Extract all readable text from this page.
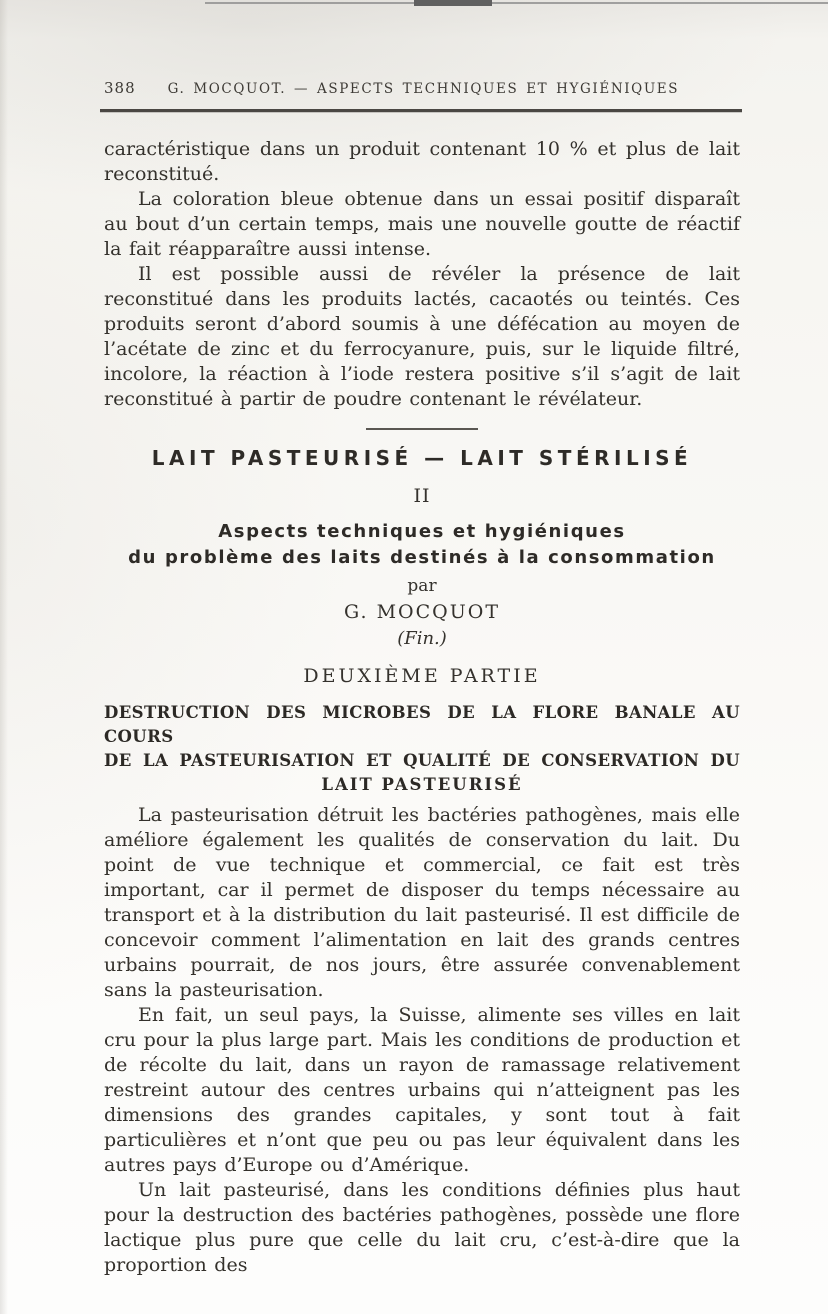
388 G. MOCQUOT. — ASPECTS TECHNIQUES ET HYGIÉNIQUES

caractéristique dans un produit contenant 10 % et plus de lait reconstitué.

La coloration bleue obtenue dans un essai positif disparaît au bout d’un certain temps, mais une nouvelle goutte de réactif la fait réapparaître aussi intense.

Il est possible aussi de révéler la présence de lait reconstitué dans les produits lactés, cacaotés ou teintés. Ces produits seront d’abord soumis à une défécation au moyen de l’acétate de zinc et du ferrocyanure, puis, sur le liquide filtré, incolore, la réaction à l’iode restera positive s’il s’agit de lait reconstitué à partir de poudre contenant le révélateur.

LAIT PASTEURISÉ — LAIT STÉRILISÉ
II
Aspects techniques et hygiéniques
du problème des laits destinés à la consommation
par
G. MOCQUOT
(Fin.)
DEUXIÈME PARTIE
DESTRUCTION DES MICROBES DE LA FLORE BANALE AU COURS
DE LA PASTEURISATION ET QUALITÉ DE CONSERVATION DU
LAIT PASTEURISÉ

La pasteurisation détruit les bactéries pathogènes, mais elle améliore également les qualités de conservation du lait. Du point de vue technique et commercial, ce fait est très important, car il permet de disposer du temps nécessaire au transport et à la distribution du lait pasteurisé. Il est difficile de concevoir comment l’alimentation en lait des grands centres urbains pourrait, de nos jours, être assurée convenablement sans la pasteurisation.

En fait, un seul pays, la Suisse, alimente ses villes en lait cru pour la plus large part. Mais les conditions de production et de récolte du lait, dans un rayon de ramassage relativement restreint autour des centres urbains qui n’atteignent pas les dimensions des grandes capitales, y sont tout à fait particulières et n’ont que peu ou pas leur équivalent dans les autres pays d’Europe ou d’Amérique.

Un lait pasteurisé, dans les conditions définies plus haut pour la destruction des bactéries pathogènes, possède une flore lactique plus pure que celle du lait cru, c’est-à-dire que la proportion des
